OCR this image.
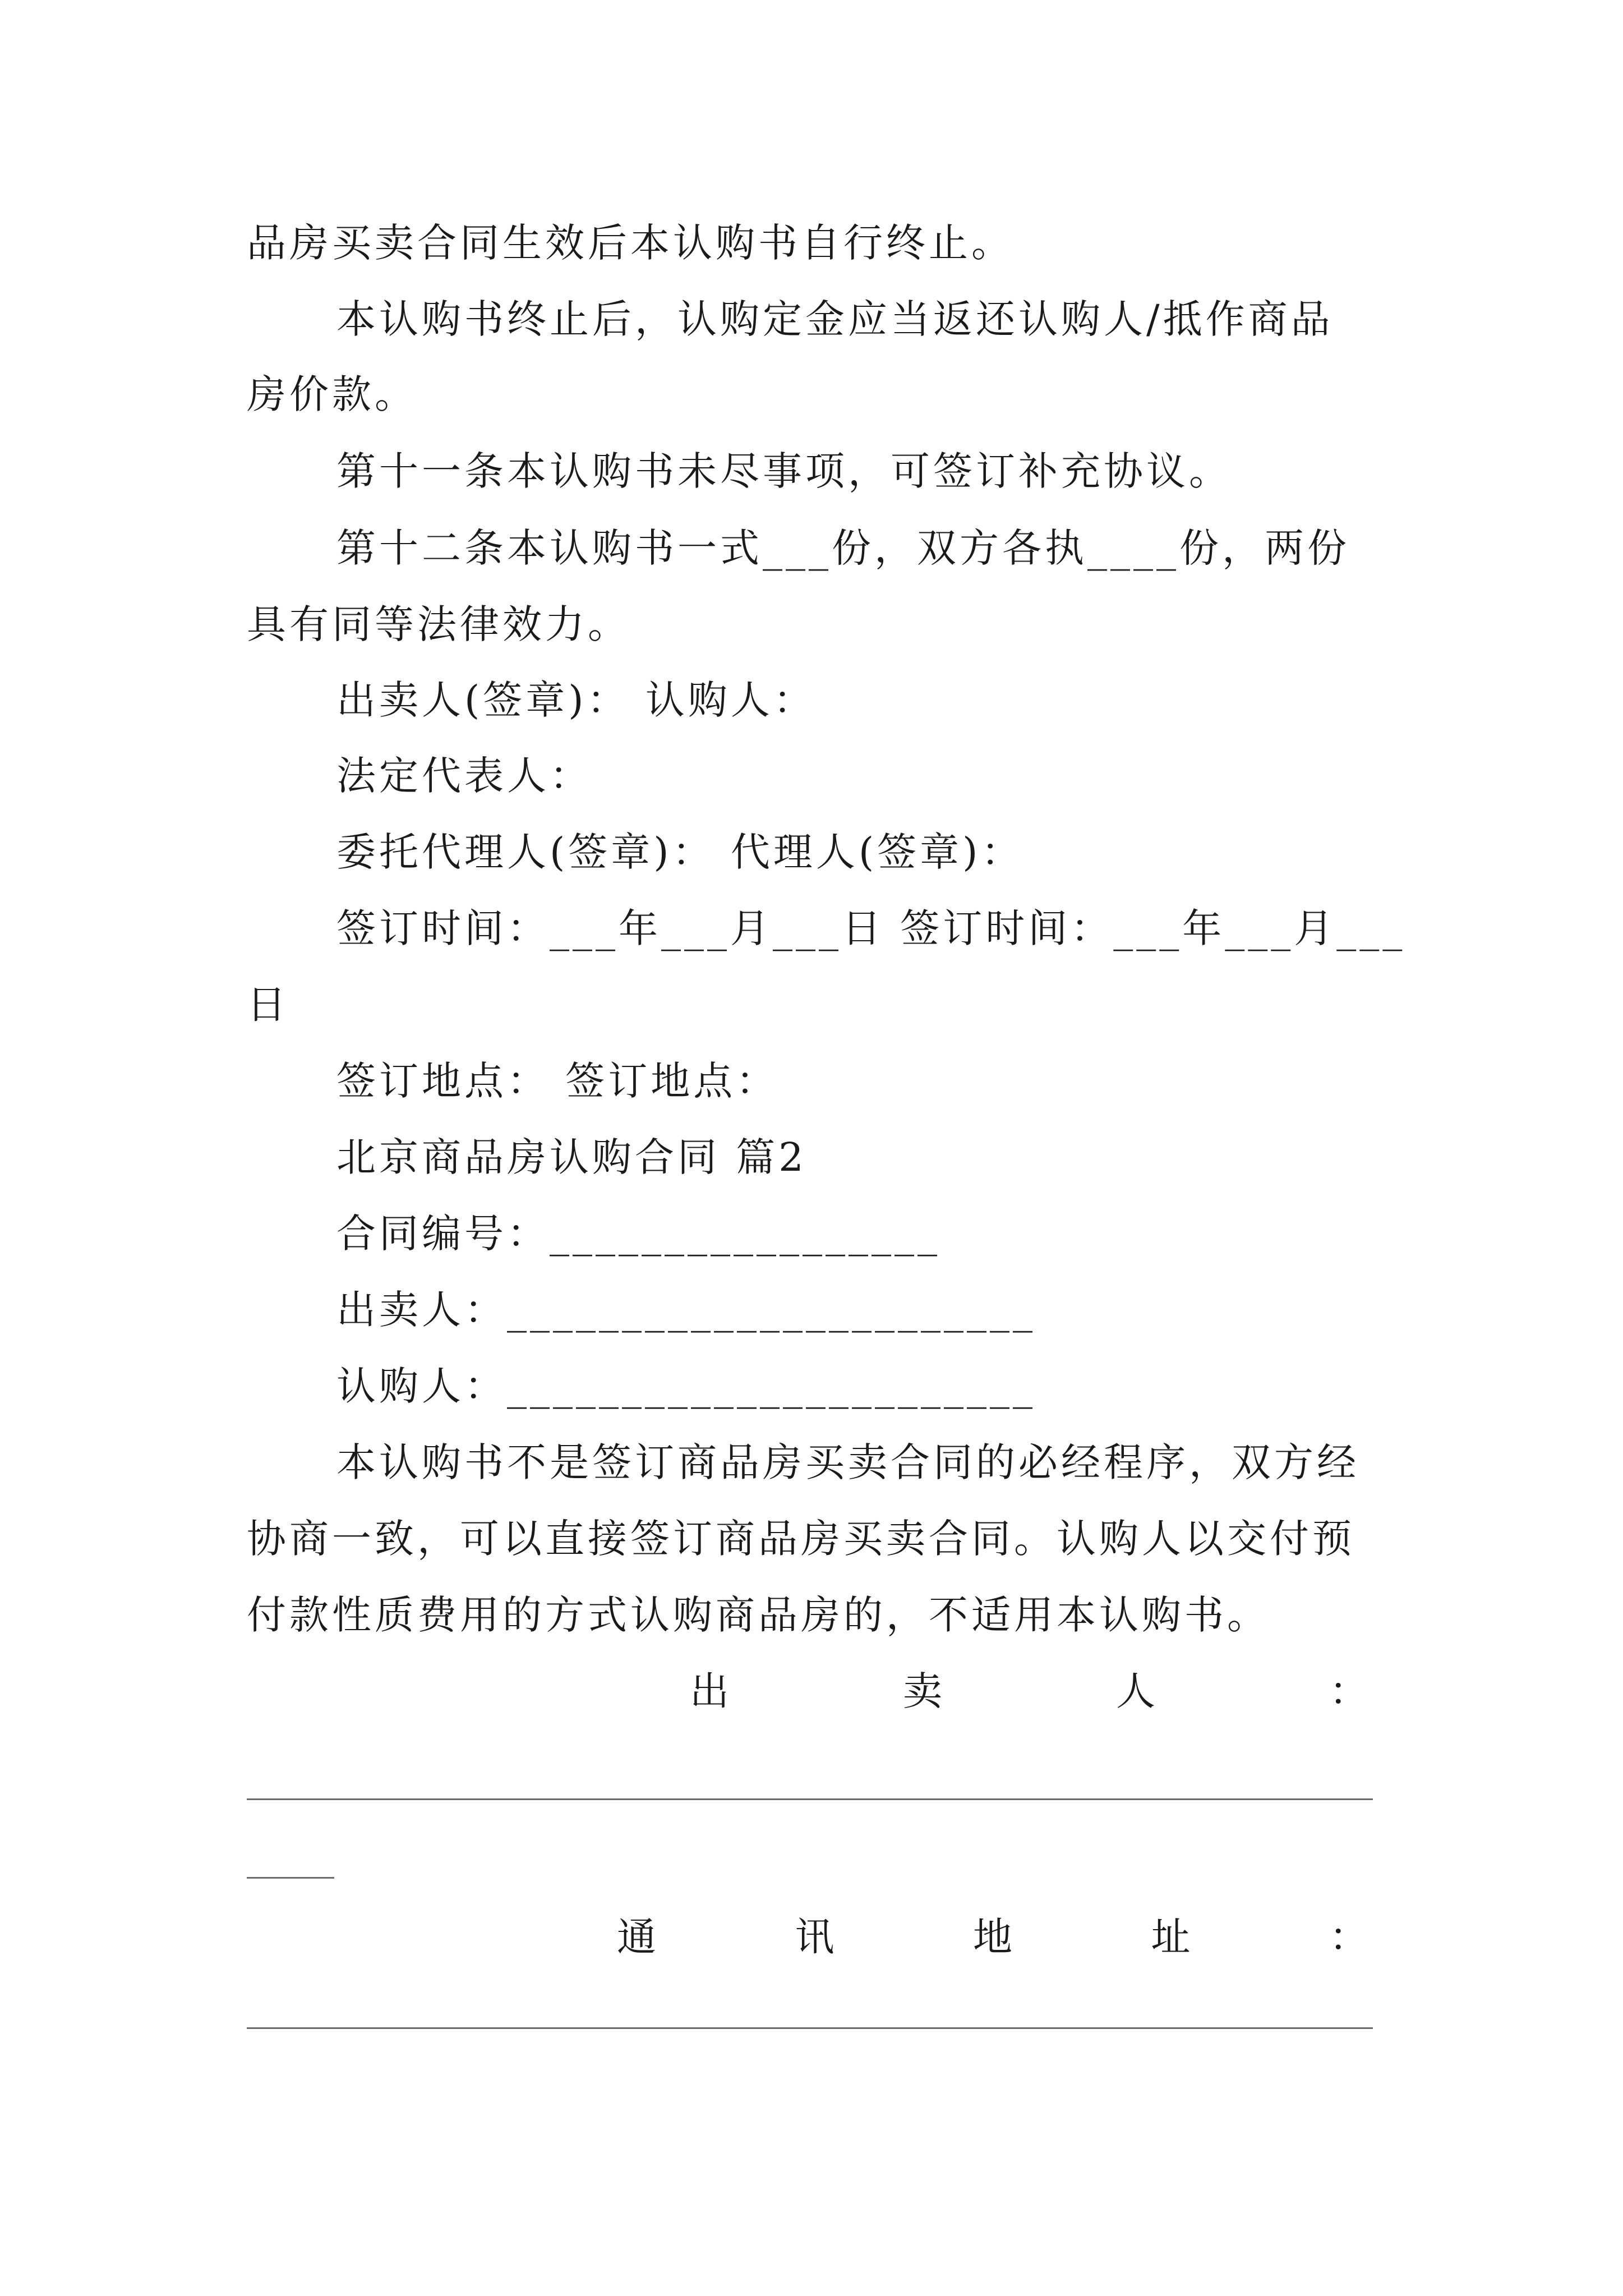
品房买卖合同生效后本认购书自行终止。

本认购书终止后，认购定金应当返还认购人/抵作商品

房价款。

第十一条本认购书未尽事项，可签订补充协议。

第十二条本认购书一式___份，双方各执____份，两份

具有同等法律效力。

出卖人(签章)： 认购人：

法定代表人：

委托代理人(签章)： 代理人(签章)：

签订时间：___年___月___日 签订时间：___年___月___

日

签订地点： 签订地点：

北京商品房认购合同 篇2

合同编号：_________________

出卖人：_______________________

认购人：_______________________

本认购书不是签订商品房买卖合同的必经程序，双方经

协商一致，可以直接签订商品房买卖合同。认购人以交付预

付款性质费用的方式认购商品房的，不适用本认购书。

出	卖	人	：
通	讯	地	址	：
